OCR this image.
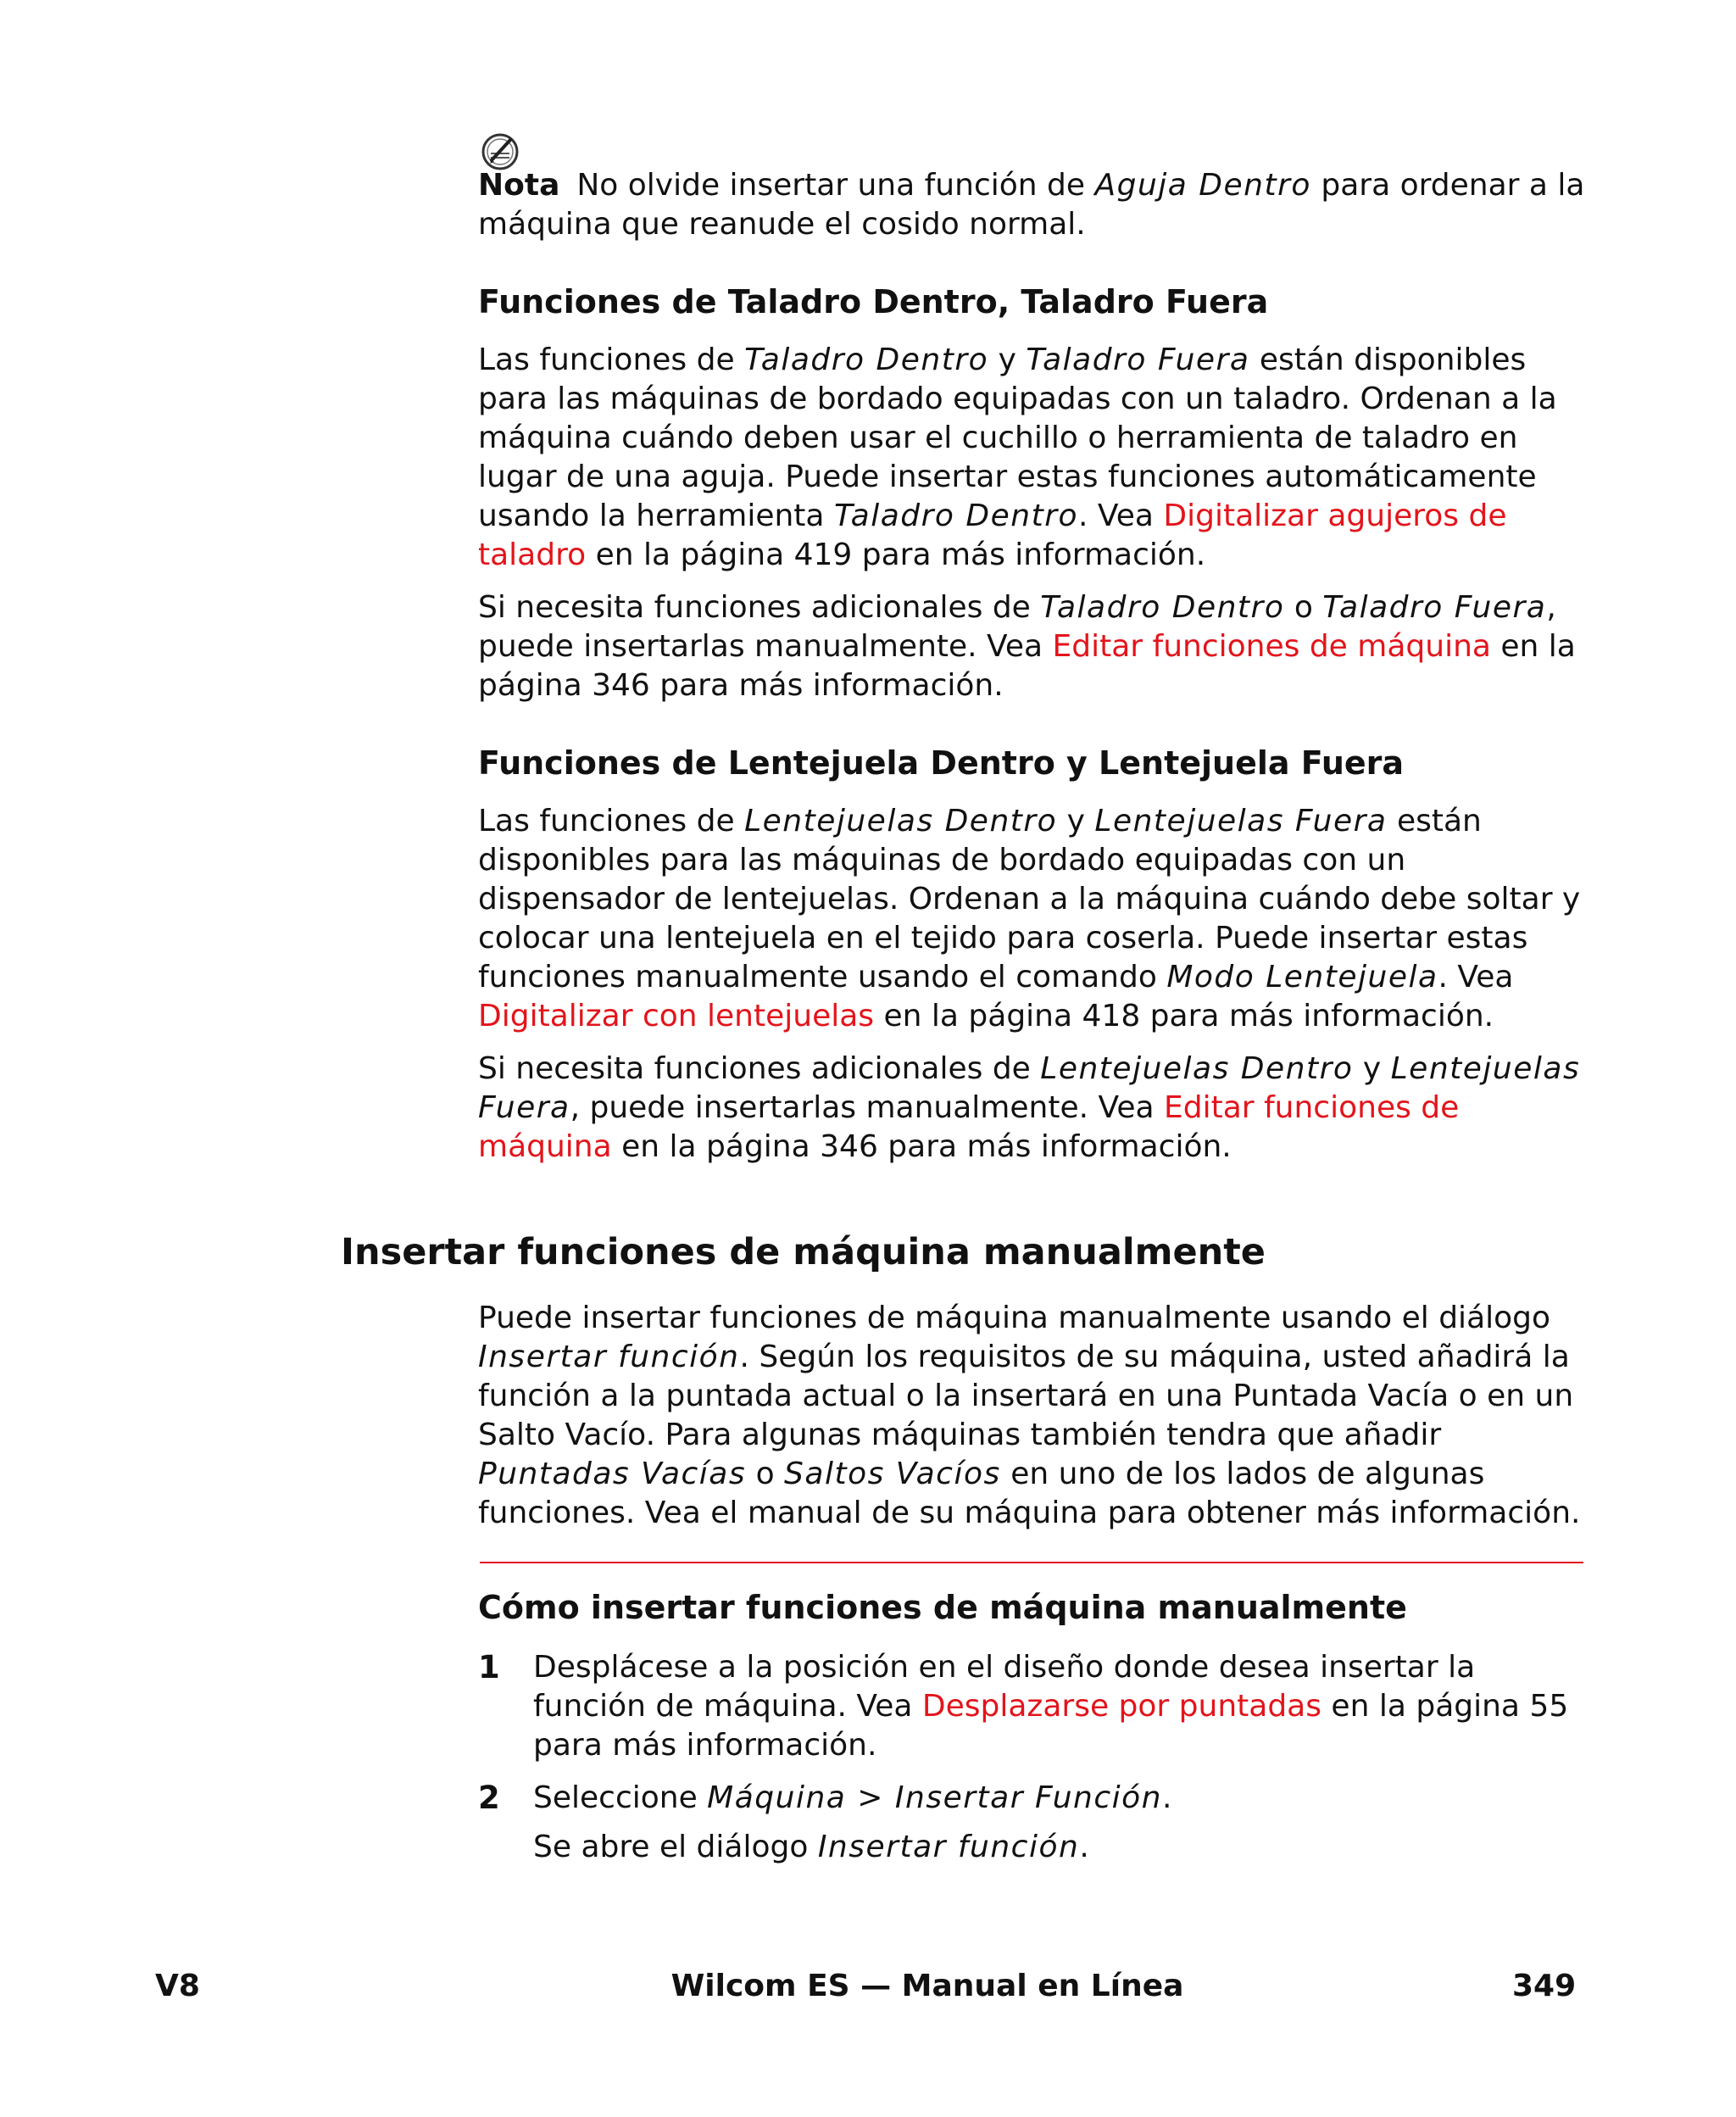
Nota No olvide insertar una función de Aguja Dentro para ordenar a la máquina que reanude el cosido normal.

Funciones de Taladro Dentro, Taladro Fuera

Las funciones de Taladro Dentro y Taladro Fuera están disponibles para las máquinas de bordado equipadas con un taladro. Ordenan a la máquina cuándo deben usar el cuchillo o herramienta de taladro en lugar de una aguja. Puede insertar estas funciones automáticamente usando la herramienta Taladro Dentro. Vea Digitalizar agujeros de taladro en la página 419 para más información.

Si necesita funciones adicionales de Taladro Dentro o Taladro Fuera, puede insertarlas manualmente. Vea Editar funciones de máquina en la página 346 para más información.

Funciones de Lentejuela Dentro y Lentejuela Fuera

Las funciones de Lentejuelas Dentro y Lentejuelas Fuera están disponibles para las máquinas de bordado equipadas con un dispensador de lentejuelas. Ordenan a la máquina cuándo debe soltar y colocar una lentejuela en el tejido para coserla. Puede insertar estas funciones manualmente usando el comando Modo Lentejuela. Vea Digitalizar con lentejuelas en la página 418 para más información.

Si necesita funciones adicionales de Lentejuelas Dentro y Lentejuelas Fuera, puede insertarlas manualmente. Vea Editar funciones de máquina en la página 346 para más información.

Insertar funciones de máquina manualmente

Puede insertar funciones de máquina manualmente usando el diálogo Insertar función. Según los requisitos de su máquina, usted añadirá la función a la puntada actual o la insertará en una Puntada Vacía o en un Salto Vacío. Para algunas máquinas también tendra que añadir Puntadas Vacías o Saltos Vacíos en uno de los lados de algunas funciones. Vea el manual de su máquina para obtener más información.

Cómo insertar funciones de máquina manualmente
1 Desplácese a la posición en el diseño donde desea insertar la función de máquina. Vea Desplazarse por puntadas en la página 55 para más información.

2 Seleccione Máquina > Insertar Función.

Se abre el diálogo Insertar función.

V8	Wilcom ES — Manual en Línea	349
